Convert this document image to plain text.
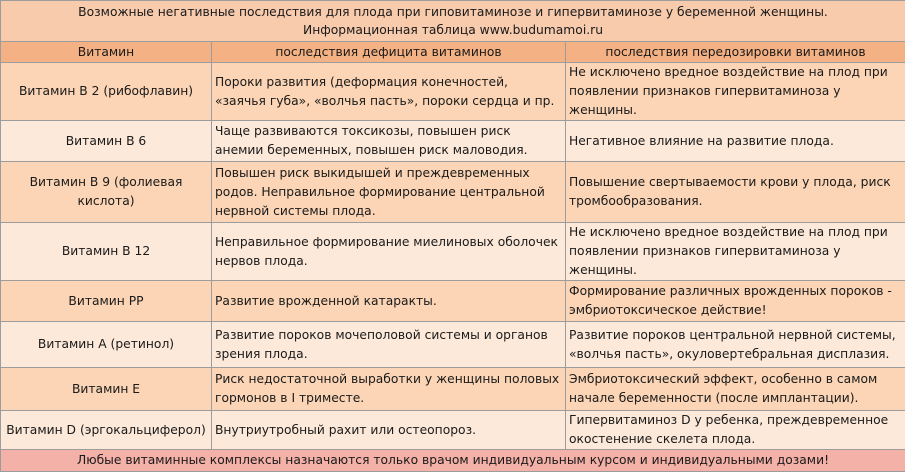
Возможные негативные последствия для плода при гиповитаминозе и гипервитаминозе у беременной женщины.
Информационная таблица www.budumamoi.ru		

Витамин	последствия дефицита витаминов	последствия передозировки витаминов
Витамин В 2 (рибофлавин)	Пороки развития (деформация конечностей, «заячья губа», «волчья пасть», пороки сердца и пр.	Не исключено вредное воздействие на плод при появлении признаков гипервитаминоза у женщины.
Витамин В 6	Чаще развиваются токсикозы, повышен риск анемии беременных, повышен риск маловодия.	Негативное влияние на развитие плода.
Витамин В 9 (фолиевая кислота)	Повышен риск выкидышей и преждевременных родов. Неправильное формирование центральной нервной системы плода.	Повышение свертываемости крови у плода, риск тромбообразования.
Витамин В 12	Неправильное формирование миелиновых оболочек нервов плода.	Не исключено вредное воздействие на плод при появлении признаков гипервитаминоза у женщины.
Витамин РР	Развитие врожденной катаракты.	Формирование различных врожденных пороков - эмбриотоксическое действие!
Витамин А (ретинол)	Развитие пороков мочеполовой системы и органов зрения плода.	Развитие пороков центральной нервной системы, «волчья пасть», окуловертебральная дисплазия.
Витамин Е	Риск недостаточной выработки у женщины половых гормонов в I триместе.	Эмбриотоксический эффект, особенно в самом начале беременности (после имплантации).
Витамин D (эргокальциферол)	Внутриутробный рахит или остеопороз.	Гипервитаминоз D у ребенка, преждевременное окостенение скелета плода.
Любые витаминные комплексы назначаются только врачом индивидуальным курсом и индивидуальными дозами!		
